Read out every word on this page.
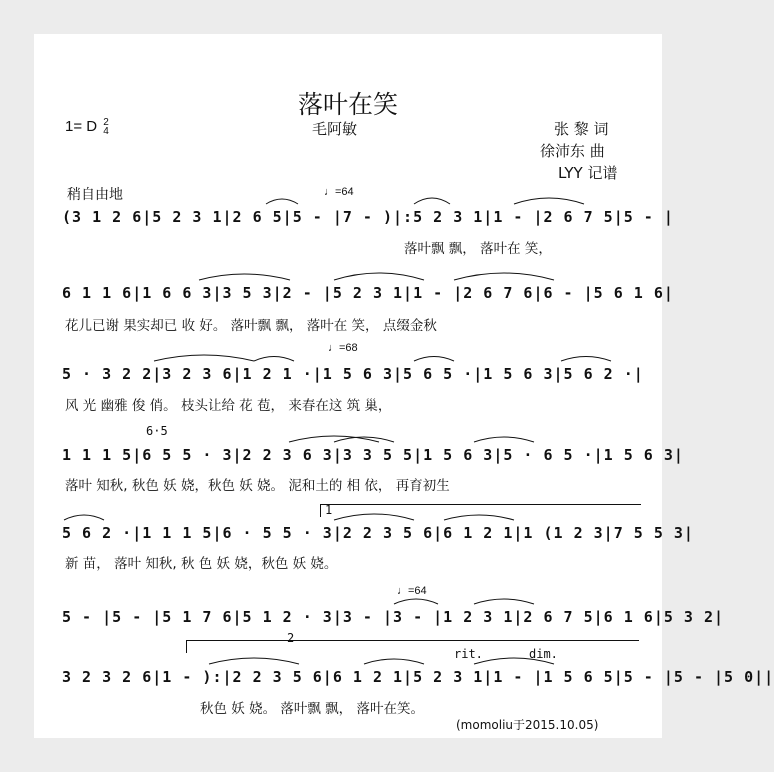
落叶在笑
1= D 2
4	毛阿敏	张 黎 词
徐沛东 曲
LYY 记谱
稍自由地	♩=64
♩=68
♩=64
(3 1 2 6|5 2 3 1|2 6 5|5 - |7 - )|:5 2 3 1|1 - |2 6 7 5|5 - |
落叶飘 飘， 落叶在 笑，
6 1 1 6|1 6 6 3|3 5 3|2 - |5 2 3 1|1 - |2 6 7 6|6 - |5 6 1 6|
花儿已谢 果实却已 收 好。 落叶飘 飘， 落叶在 笑， 点缀金秋
5 · 3 2 2|3 2 3 6|1 2 1 ·|1 5 6 3|5 6 5 ·|1 5 6 3|5 6 2 ·|
风 光 幽雅 俊 俏。 枝头让给 花 苞， 来春在这 筑 巢，
6·5
1 1 1 5|6 5 5 · 3|2 2 3 6 3|3 3 5 5|1 5 6 3|5 · 6 5 ·|1 5 6 3|
落叶 知秋, 秋色 妖 娆，秋色 妖 娆。 泥和土的 相 依， 再育初生
5 6 2 ·|1 1 1 5|6 · 5 5 · 3|2 2 3 5 6|6 1 2 1|1 (1 2 3|7 5 5 3|
新 苗， 落叶 知秋, 秋 色 妖 娆，秋色 妖 娆。
5 - |5 - |5 1 7 6|5 1 2 · 3|3 - |3 - |1 2 3 1|2 6 7 5|6 1 6|5 3 2|
rit.	dim.
3 2 3 2 6|1 - ):|2 2 3 5 6|6 1 2 1|5 2 3 1|1 - |1 5 6 5|5 - |5 - |5 0||
秋色 妖 娆。 落叶飘 飘， 落叶在笑。
(momoliu于2015.10.05)
1
2
